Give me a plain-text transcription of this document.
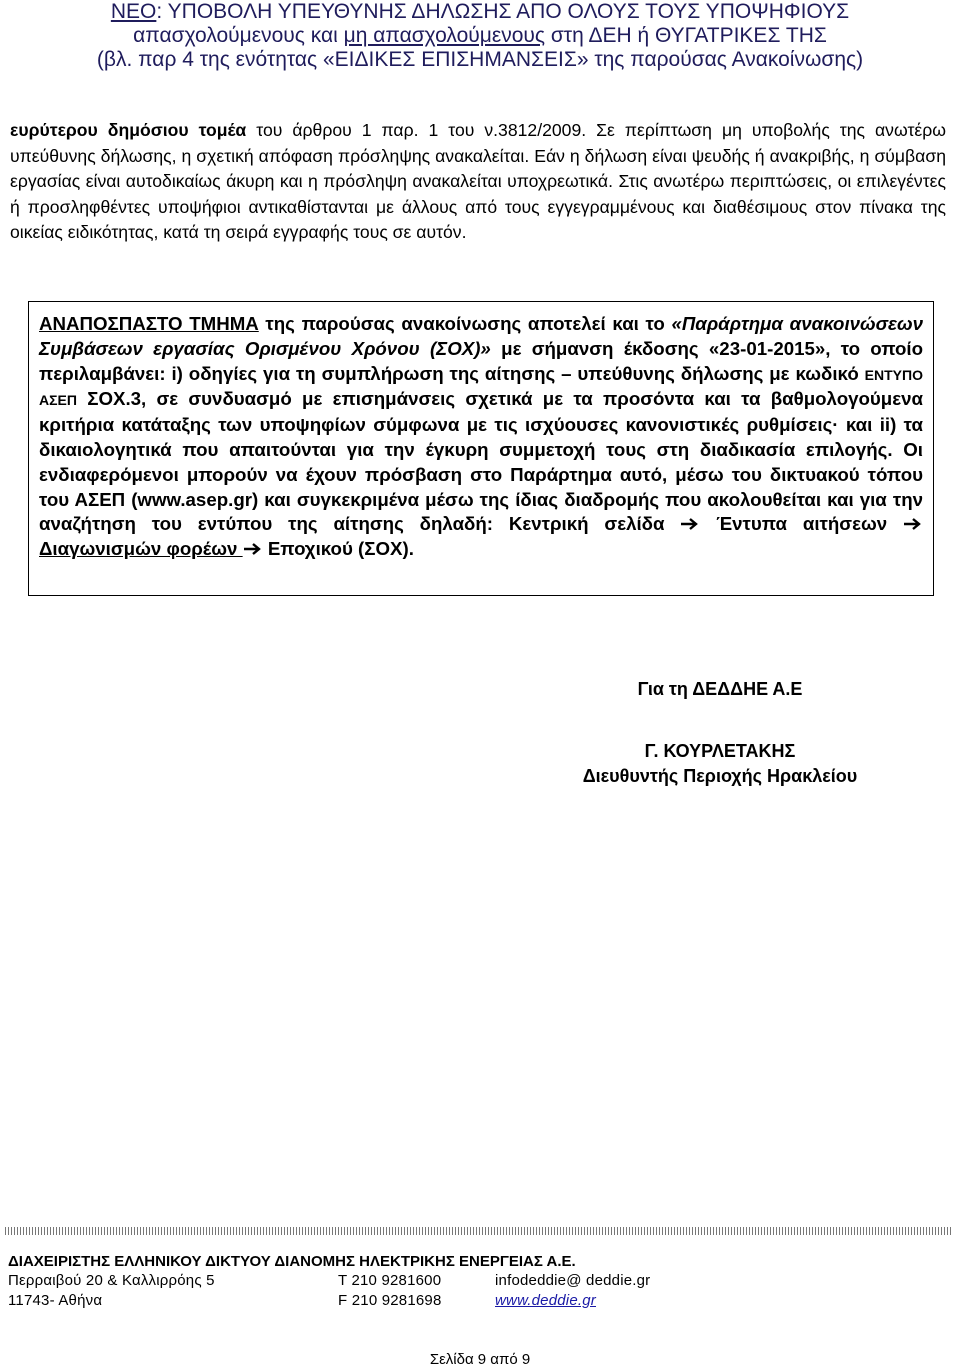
ΝΕΟ: ΥΠΟΒΟΛΗ ΥΠΕΥΘΥΝΗΣ ΔΗΛΩΣΗΣ ΑΠΟ ΟΛΟΥΣ ΤΟΥΣ ΥΠΟΨΗΦΙΟΥΣ
απασχολούμενους και μη απασχολούμενους στη ΔΕΗ ή ΘΥΓΑΤΡΙΚΕΣ ΤΗΣ
(βλ. παρ 4 της ενότητας «ΕΙΔΙΚΕΣ ΕΠΙΣΗΜΑΝΣΕΙΣ» της παρούσας Ανακοίνωσης)
ευρύτερου δημόσιου τομέα του άρθρου 1 παρ. 1 του ν.3812/2009. Σε περίπτωση μη υποβολής της ανωτέρω υπεύθυνης δήλωσης, η σχετική απόφαση πρόσληψης ανακαλείται. Εάν η δήλωση είναι ψευδής ή ανακριβής, η σύμβαση εργασίας είναι αυτοδικαίως άκυρη και η πρόσληψη ανακαλείται υποχρεωτικά. Στις ανωτέρω περιπτώσεις, οι επιλεγέντες ή προσληφθέντες υποψήφιοι αντικαθίστανται με άλλους από τους εγγεγραμμένους και διαθέσιμους στον πίνακα της οικείας ειδικότητας, κατά τη σειρά εγγραφής τους σε αυτόν.
ΑΝΑΠΟΣΠΑΣΤΟ ΤΜΗΜΑ της παρούσας ανακοίνωσης αποτελεί και το «Παράρτημα ανακοινώσεων Συμβάσεων εργασίας Ορισμένου Χρόνου (ΣΟΧ)» με σήμανση έκδοσης «23-01-2015», το οποίο περιλαμβάνει: i) οδηγίες για τη συμπλήρωση της αίτησης – υπεύθυνης δήλωσης με κωδικό ΕΝΤΥΠΟ ΑΣΕΠ ΣΟΧ.3, σε συνδυασμό με επισημάνσεις σχετικά με τα προσόντα και τα βαθμολογούμενα κριτήρια κατάταξης των υποψηφίων σύμφωνα με τις ισχύουσες κανονιστικές ρυθμίσεις· και ii) τα δικαιολογητικά που απαιτούνται για την έγκυρη συμμετοχή τους στη διαδικασία επιλογής. Οι ενδιαφερόμενοι μπορούν να έχουν πρόσβαση στο Παράρτημα αυτό, μέσω του δικτυακού τόπου του ΑΣΕΠ (www.asep.gr) και συγκεκριμένα μέσω της ίδιας διαδρομής που ακολουθείται και για την αναζήτηση του εντύπου της αίτησης δηλαδή: Κεντρική σελίδα  Έντυπα αιτήσεων  Διαγωνισμών φορέων  Εποχικού (ΣΟΧ).
Για τη ΔΕΔΔΗΕ Α.Ε
Γ. ΚΟΥΡΛΕΤΑΚΗΣ
Διευθυντής Περιοχής Ηρακλείου
ΔΙΑΧΕΙΡΙΣΤΗΣ ΕΛΛΗΝΙΚΟΥ ΔΙΚΤΥΟΥ ΔΙΑΝΟΜΗΣ ΗΛΕΚΤΡΙΚΗΣ ΕΝΕΡΓΕΙΑΣ Α.Ε.
Περραιβού 20 & Καλλιρρόης 5	Τ 210 9281600	infodeddie@ deddie.gr
11743- Αθήνα	F 210 9281698	www.deddie.gr
Σελίδα 9 από 9
